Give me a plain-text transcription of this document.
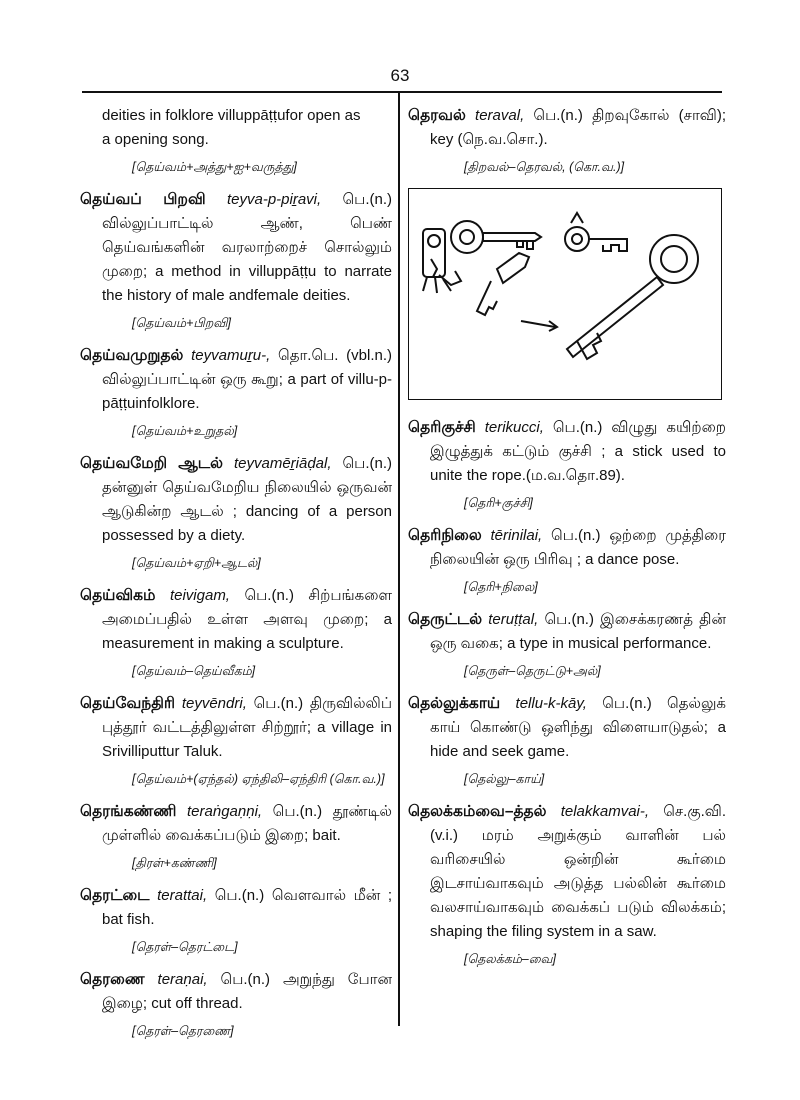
63
deities in folklore villuppāṭṭufor open as
a opening song.
[தெய்வம்+அத்து+ஐ+வருத்து]
தெய்வப் பிறவி teyva-p-piṟavi, பெ.(n.) வில்லுப்பாட்டில் ஆண், பெண் தெய்வங்களின் வரலாற்றைச் சொல்லும் முறை; a method in villuppāṭṭu to narrate the history of male andfemale deities.
[தெய்வம்+பிறவி]
தெய்வமுறுதல் teyvamuṟu-, தொ.பெ. (vbl.n.) வில்லுப்பாட்டின் ஒரு கூறு; a part of villu-p-pāṭṭuinfolklore.
[தெய்வம்+உறுதல்]
தெய்வமேறி ஆடல் teyvamēṟiāḍal, பெ.(n.) தன்னுள் தெய்வமேறிய நிலையில் ஒருவன் ஆடுகின்ற ஆடல் ; dancing of a person possessed by a diety.
[தெய்வம்+ஏறி+ஆடல்]
தெய்விகம் teivigam, பெ.(n.) சிற்பங்களை அமைப்பதில் உள்ள அளவு முறை; a measurement in making a sculpture.
[தெய்வம்–தெய்வீகம்]
தெய்வேந்திரி teyvēndri, பெ.(n.) திருவில்லிப் புத்தூர் வட்டத்திலுள்ள சிற்றூர்; a village in Srivilliputtur Taluk.
[தெய்வம்+(ஏந்தல்) ஏந்திலி–ஏந்திரி (கொ.வ.)]
தெரங்கண்ணி teraṅgaṇṇi, பெ.(n.) தூண்டில் முள்ளில் வைக்கப்படும் இறை; bait.
[திரள்+கண்ணி]
தெரட்டை terattai, பெ.(n.) வௌவால் மீன் ; bat fish.
[தெரள்–தெரட்டை]
தெரணை teraṇai, பெ.(n.) அறுந்து போன இழை; cut off thread.
[தெரள்–தெரணை]
தெரவல் teraval, பெ.(n.) திறவுகோல் (சாவி); key (நெ.வ.சொ.).
[திறவல்–தெரவல், (கொ.வ.)]
தெரிகுச்சி terikucci, பெ.(n.) விழுது கயிற்றை இழுத்துக் கட்டும் குச்சி ; a stick used to unite the rope.(ம.வ.தொ.89).
[தெரி+குச்சி]
தெரிநிலை tērinilai, பெ.(n.) ஒற்றை முத்திரை நிலையின் ஒரு பிரிவு ; a dance pose.
[தெரி+நிலை]
தெருட்டல் teruṭṭal, பெ.(n.) இசைக்கரணத் தின் ஒரு வகை; a type in musical performance.
[தெருள்–தெருட்டு+அல்]
தெல்லுக்காய் tellu-k-kāy, பெ.(n.) தெல்லுக் காய் கொண்டு ஒளிந்து விளையாடுதல்; a hide and seek game.
[தெல்லு–காய்]
தெலக்கம்வை–த்தல் telakkamvai-, செ.கு.வி. (v.i.) மரம் அறுக்கும் வாளின் பல் வரிசையில் ஒன்றின் கூர்மை இடசாய்வாகவும் அடுத்த பல்லின் கூர்மை வலசாய்வாகவும் வைக்கப் படும் விலக்கம்; shaping the filing system in a saw.
[தெலக்கம்–வை]
